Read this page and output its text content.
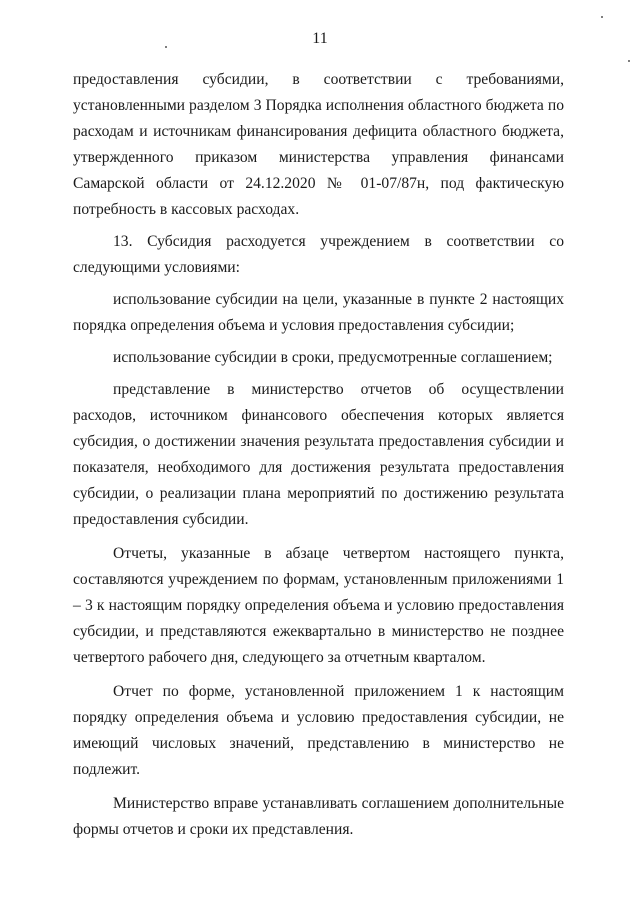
11

предоставления субсидии, в соответствии с требованиями, установленными разделом 3 Порядка исполнения областного бюджета по расходам и источникам финансирования дефицита областного бюджета, утвержденного приказом министерства управления финансами Самарской области от 24.12.2020 № 01-07/87н, под фактическую потребность в кассовых расходах.

13. Субсидия расходуется учреждением в соответствии со следующими условиями:

использование субсидии на цели, указанные в пункте 2 настоящих порядка определения объема и условия предоставления субсидии;

использование субсидии в сроки, предусмотренные соглашением;

представление в министерство отчетов об осуществлении расходов, источником финансового обеспечения которых является субсидия, о достижении значения результата предоставления субсидии и показателя, необходимого для достижения результата предоставления субсидии, о реализации плана мероприятий по достижению результата предоставления субсидии.

Отчеты, указанные в абзаце четвертом настоящего пункта, составляются учреждением по формам, установленным приложениями 1 – 3 к настоящим порядку определения объема и условию предоставления субсидии, и представляются ежеквартально в министерство не позднее четвертого рабочего дня, следующего за отчетным кварталом.

Отчет по форме, установленной приложением 1 к настоящим порядку определения объема и условию предоставления субсидии, не имеющий числовых значений, представлению в министерство не подлежит.

Министерство вправе устанавливать соглашением дополнительные формы отчетов и сроки их представления.
